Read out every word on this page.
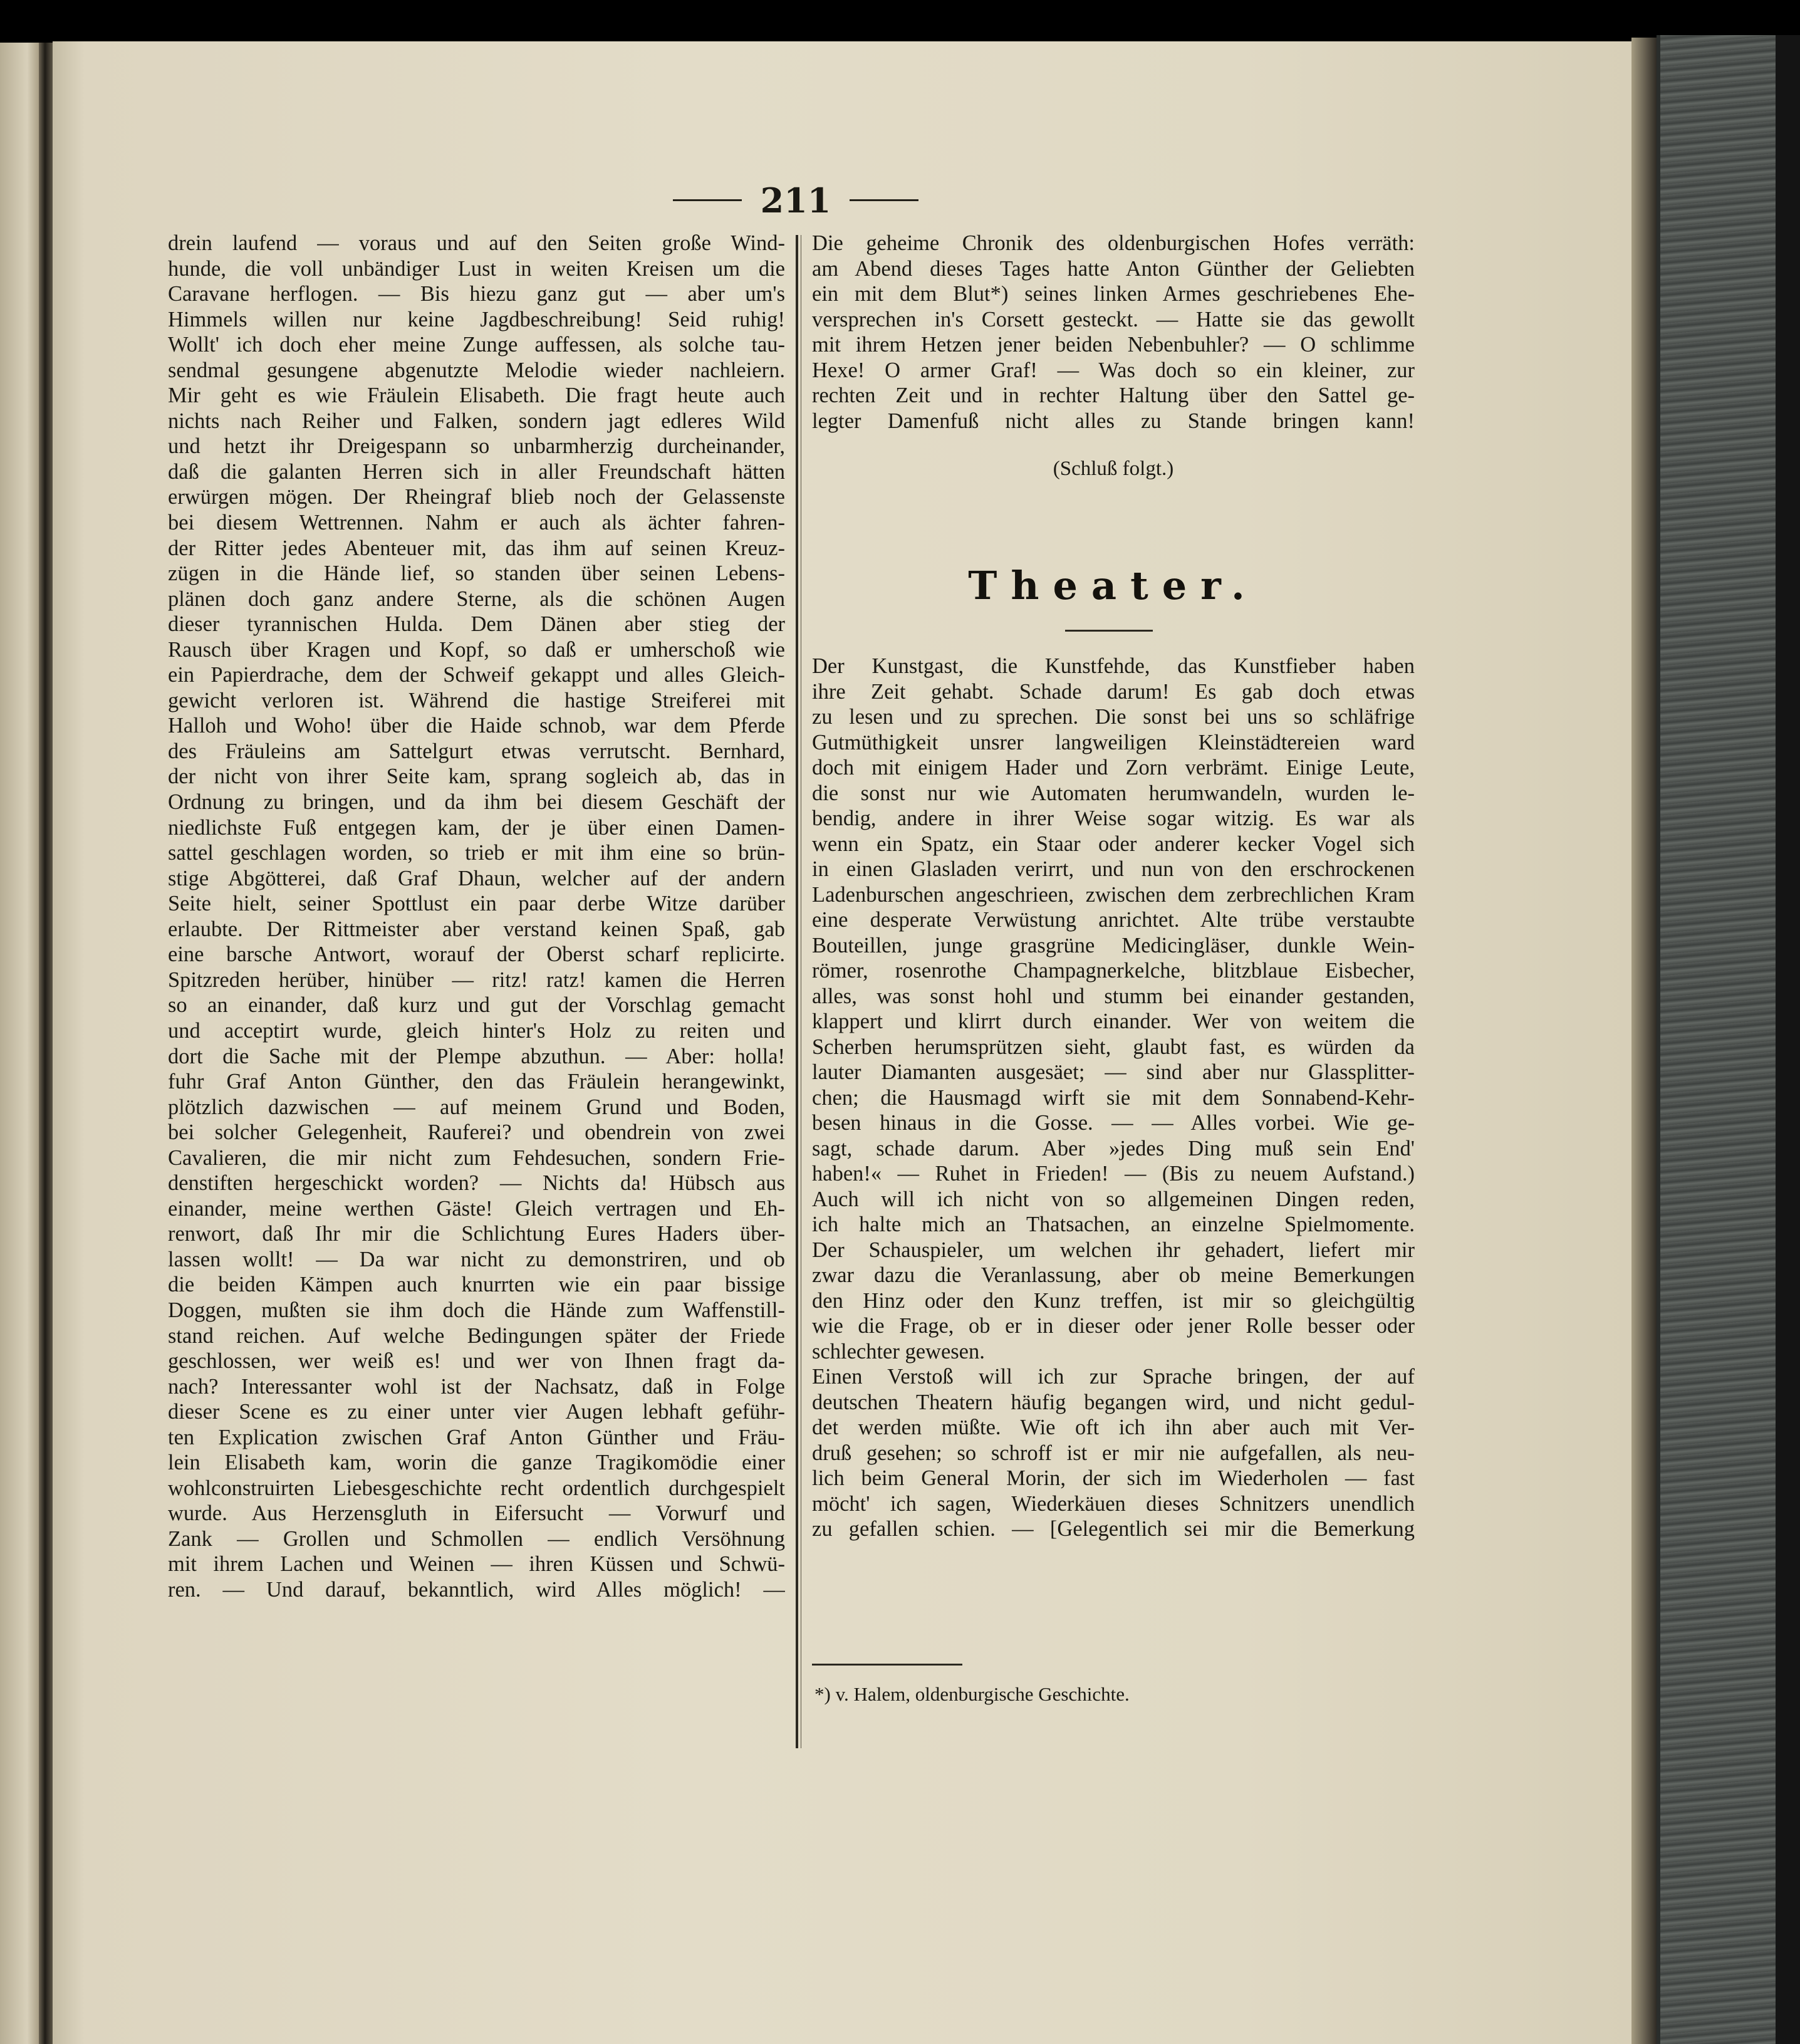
211
drein laufend — voraus und auf den Seiten große Wind-
hunde, die voll unbändiger Lust in weiten Kreisen um die
Caravane herflogen. — Bis hiezu ganz gut — aber um's
Himmels willen nur keine Jagdbeschreibung! Seid ruhig!
Wollt' ich doch eher meine Zunge auffessen, als solche tau-
sendmal gesungene abgenutzte Melodie wieder nachleiern.
Mir geht es wie Fräulein Elisabeth. Die fragt heute auch
nichts nach Reiher und Falken, sondern jagt edleres Wild
und hetzt ihr Dreigespann so unbarmherzig durcheinander,
daß die galanten Herren sich in aller Freundschaft hätten
erwürgen mögen. Der Rheingraf blieb noch der Gelassenste
bei diesem Wettrennen. Nahm er auch als ächter fahren-
der Ritter jedes Abenteuer mit, das ihm auf seinen Kreuz-
zügen in die Hände lief, so standen über seinen Lebens-
plänen doch ganz andere Sterne, als die schönen Augen
dieser tyrannischen Hulda. Dem Dänen aber stieg der
Rausch über Kragen und Kopf, so daß er umherschoß wie
ein Papierdrache, dem der Schweif gekappt und alles Gleich-
gewicht verloren ist. Während die hastige Streiferei mit
Halloh und Woho! über die Haide schnob, war dem Pferde
des Fräuleins am Sattelgurt etwas verrutscht. Bernhard,
der nicht von ihrer Seite kam, sprang sogleich ab, das in
Ordnung zu bringen, und da ihm bei diesem Geschäft der
niedlichste Fuß entgegen kam, der je über einen Damen-
sattel geschlagen worden, so trieb er mit ihm eine so brün-
stige Abgötterei, daß Graf Dhaun, welcher auf der andern
Seite hielt, seiner Spottlust ein paar derbe Witze darüber
erlaubte. Der Rittmeister aber verstand keinen Spaß, gab
eine barsche Antwort, worauf der Oberst scharf replicirte.
Spitzreden herüber, hinüber — ritz! ratz! kamen die Herren
so an einander, daß kurz und gut der Vorschlag gemacht
und acceptirt wurde, gleich hinter's Holz zu reiten und
dort die Sache mit der Plempe abzuthun. — Aber: holla!
fuhr Graf Anton Günther, den das Fräulein herangewinkt,
plötzlich dazwischen — auf meinem Grund und Boden,
bei solcher Gelegenheit, Rauferei? und obendrein von zwei
Cavalieren, die mir nicht zum Fehdesuchen, sondern Frie-
denstiften hergeschickt worden? — Nichts da! Hübsch aus
einander, meine werthen Gäste! Gleich vertragen und Eh-
renwort, daß Ihr mir die Schlichtung Eures Haders über-
lassen wollt! — Da war nicht zu demonstriren, und ob
die beiden Kämpen auch knurrten wie ein paar bissige
Doggen, mußten sie ihm doch die Hände zum Waffenstill-
stand reichen. Auf welche Bedingungen später der Friede
geschlossen, wer weiß es! und wer von Ihnen fragt da-
nach? Interessanter wohl ist der Nachsatz, daß in Folge
dieser Scene es zu einer unter vier Augen lebhaft geführ-
ten Explication zwischen Graf Anton Günther und Fräu-
lein Elisabeth kam, worin die ganze Tragikomödie einer
wohlconstruirten Liebesgeschichte recht ordentlich durchgespielt
wurde. Aus Herzensgluth in Eifersucht — Vorwurf und
Zank — Grollen und Schmollen — endlich Versöhnung
mit ihrem Lachen und Weinen — ihren Küssen und Schwü-
ren. — Und darauf, bekanntlich, wird Alles möglich! —
Die geheime Chronik des oldenburgischen Hofes verräth:
am Abend dieses Tages hatte Anton Günther der Geliebten
ein mit dem Blut*) seines linken Armes geschriebenes Ehe-
versprechen in's Corsett gesteckt. — Hatte sie das gewollt
mit ihrem Hetzen jener beiden Nebenbuhler? — O schlimme
Hexe! O armer Graf! — Was doch so ein kleiner, zur
rechten Zeit und in rechter Haltung über den Sattel ge-
legter Damenfuß nicht alles zu Stande bringen kann!
(Schluß folgt.)
Theater.
Der Kunstgast, die Kunstfehde, das Kunstfieber haben
ihre Zeit gehabt. Schade darum! Es gab doch etwas
zu lesen und zu sprechen. Die sonst bei uns so schläfrige
Gutmüthigkeit unsrer langweiligen Kleinstädtereien ward
doch mit einigem Hader und Zorn verbrämt. Einige Leute,
die sonst nur wie Automaten herumwandeln, wurden le-
bendig, andere in ihrer Weise sogar witzig. Es war als
wenn ein Spatz, ein Staar oder anderer kecker Vogel sich
in einen Glasladen verirrt, und nun von den erschrockenen
Ladenburschen angeschrieen, zwischen dem zerbrechlichen Kram
eine desperate Verwüstung anrichtet. Alte trübe verstaubte
Bouteillen, junge grasgrüne Medicingläser, dunkle Wein-
römer, rosenrothe Champagnerkelche, blitzblaue Eisbecher,
alles, was sonst hohl und stumm bei einander gestanden,
klappert und klirrt durch einander. Wer von weitem die
Scherben herumsprützen sieht, glaubt fast, es würden da
lauter Diamanten ausgesäet; — sind aber nur Glassplitter-
chen; die Hausmagd wirft sie mit dem Sonnabend-Kehr-
besen hinaus in die Gosse. — — Alles vorbei. Wie ge-
sagt, schade darum. Aber »jedes Ding muß sein End'
haben!« — Ruhet in Frieden! — (Bis zu neuem Aufstand.)
Auch will ich nicht von so allgemeinen Dingen reden,
ich halte mich an Thatsachen, an einzelne Spielmomente.
Der Schauspieler, um welchen ihr gehadert, liefert mir
zwar dazu die Veranlassung, aber ob meine Bemerkungen
den Hinz oder den Kunz treffen, ist mir so gleichgültig
wie die Frage, ob er in dieser oder jener Rolle besser oder
schlechter gewesen.
Einen Verstoß will ich zur Sprache bringen, der auf
deutschen Theatern häufig begangen wird, und nicht gedul-
det werden müßte. Wie oft ich ihn aber auch mit Ver-
druß gesehen; so schroff ist er mir nie aufgefallen, als neu-
lich beim General Morin, der sich im Wiederholen — fast
möcht' ich sagen, Wiederkäuen dieses Schnitzers unendlich
zu gefallen schien. — [Gelegentlich sei mir die Bemerkung
*) v. Halem, oldenburgische Geschichte.
